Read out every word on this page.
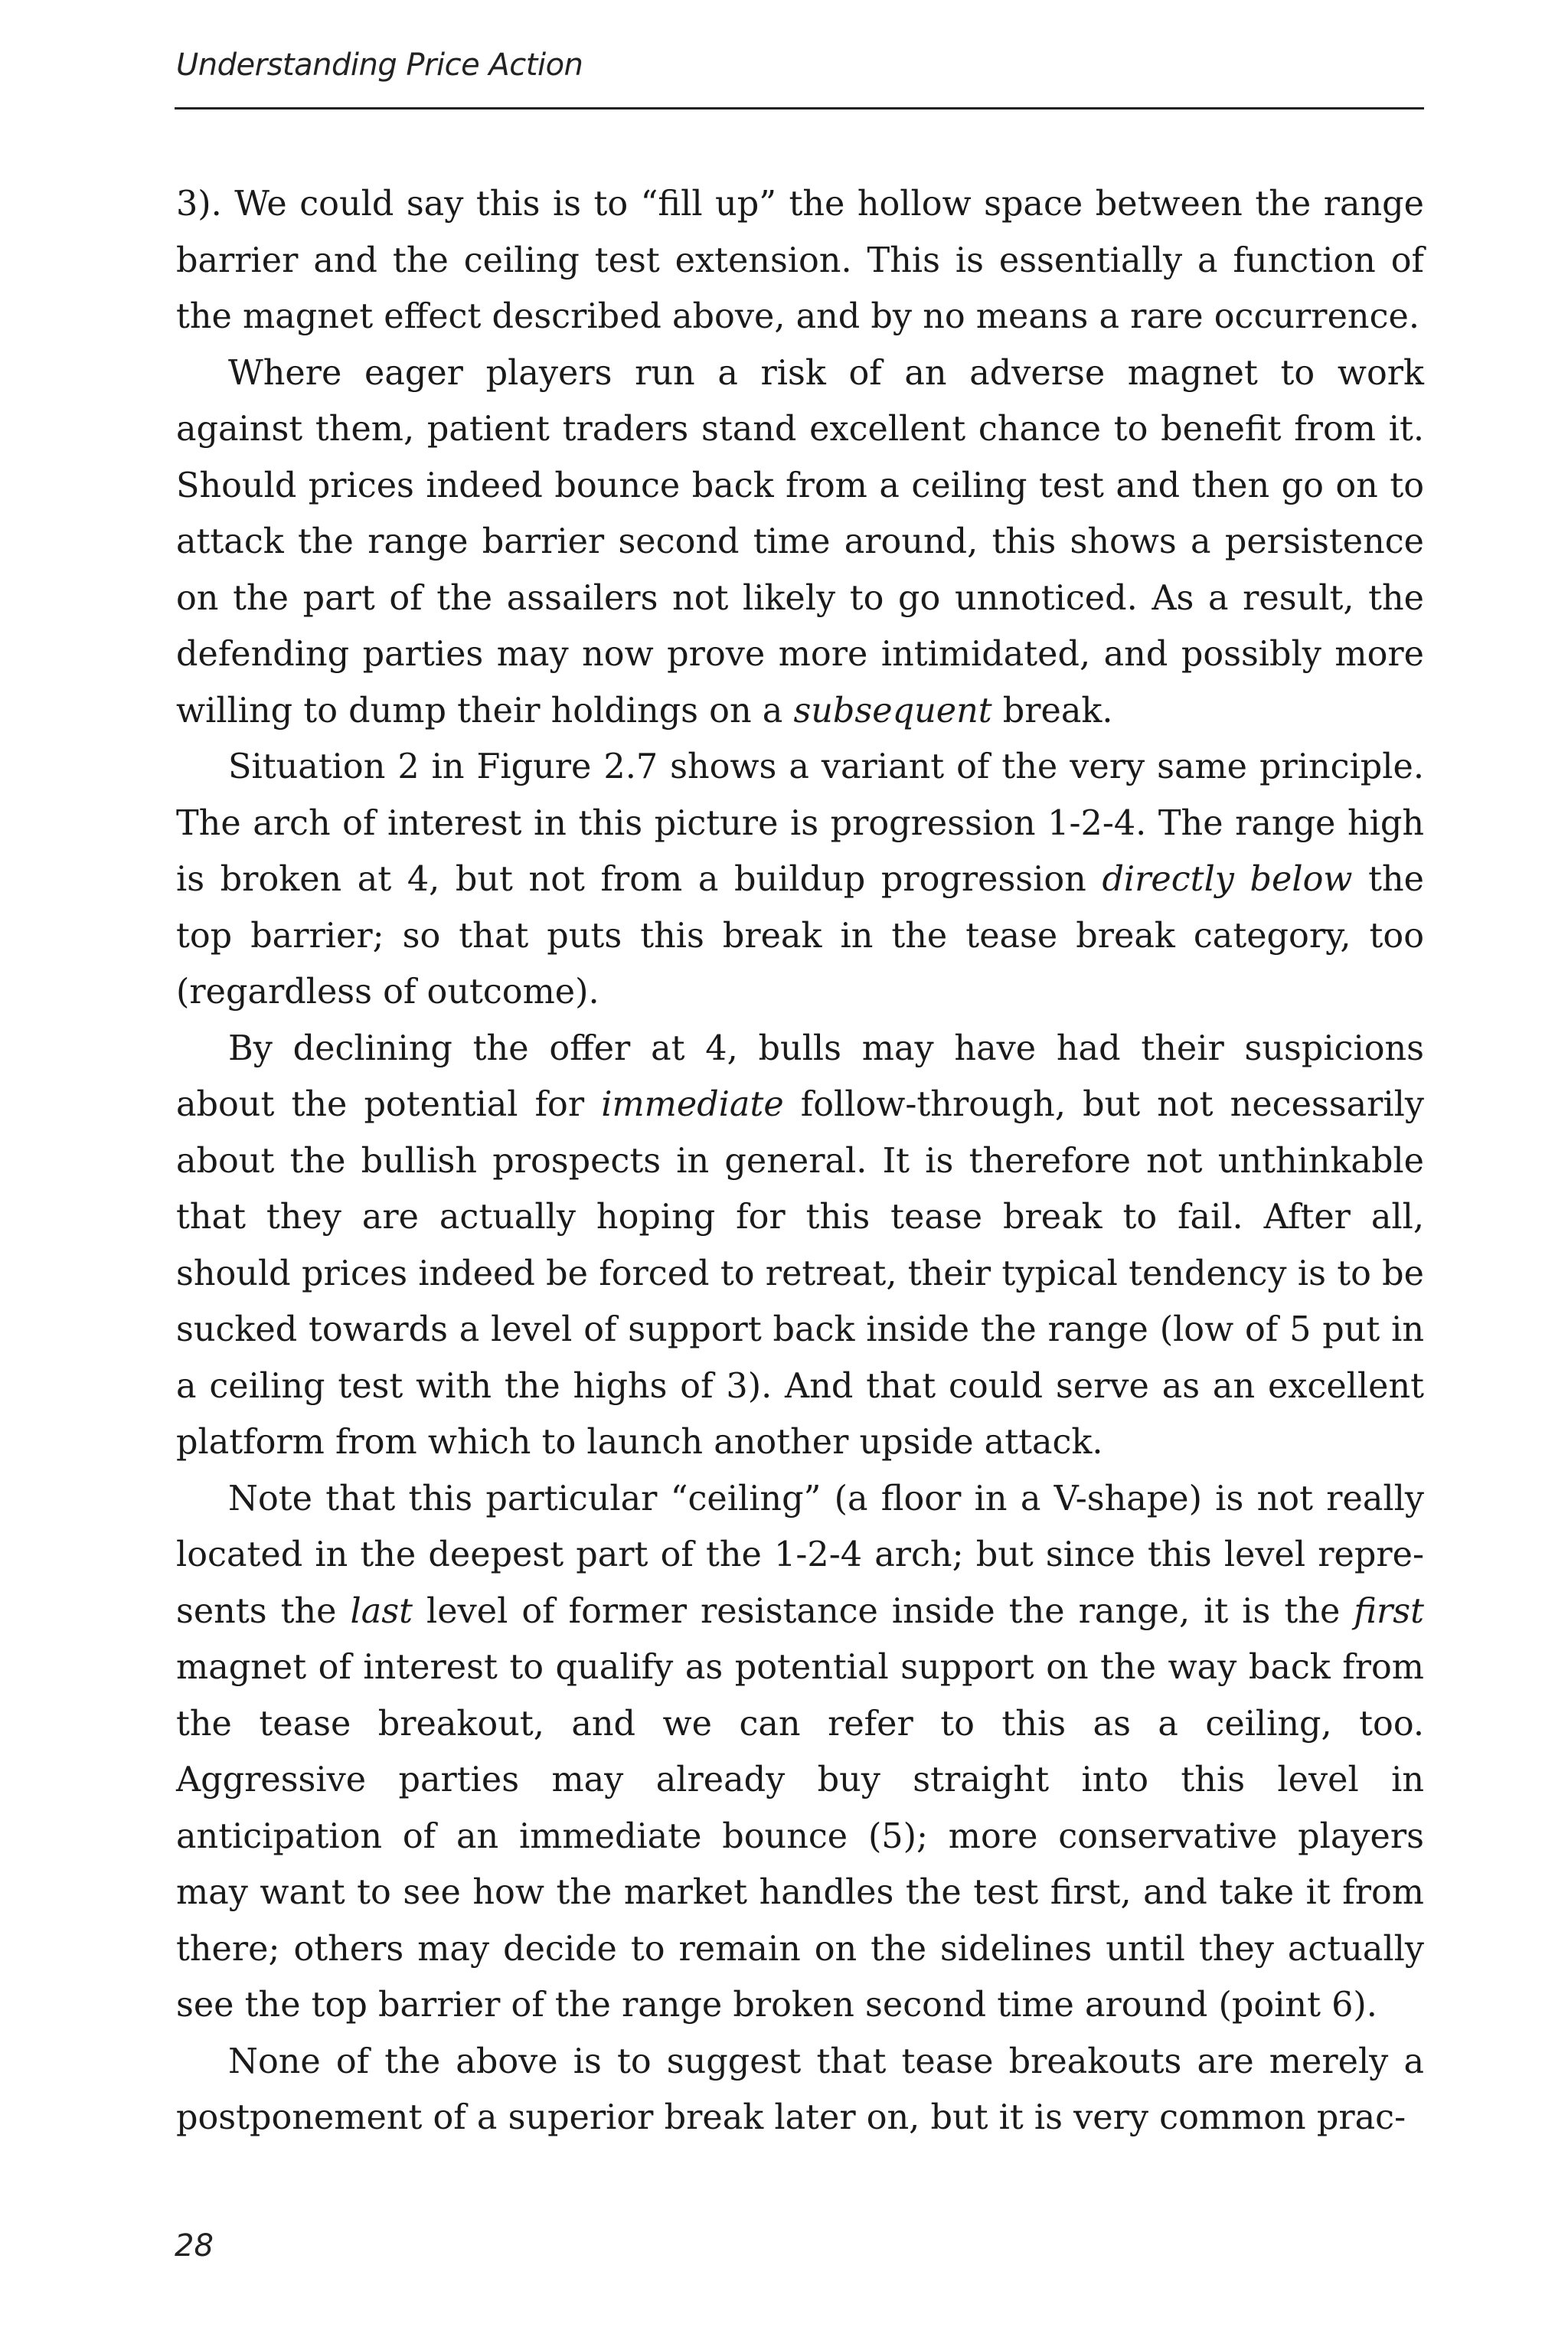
Understanding Price Action

3). We could say this is to “fill up” the hollow space between the range barrier and the ceiling test extension. This is essentially a function of the magnet effect described above, and by no means a rare occurrence.

Where eager players run a risk of an adverse magnet to work against them, patient traders stand excellent chance to benefit from it. Should prices indeed bounce back from a ceiling test and then go on to attack the range barrier second time around, this shows a persistence on the part of the assailers not likely to go unnoticed. As a result, the defending parties may now prove more intimidated, and possibly more willing to dump their holdings on a subsequent break.

Situation 2 in Figure 2.7 shows a variant of the very same principle. The arch of interest in this picture is progression 1-2-4. The range high is broken at 4, but not from a buildup progression directly below the top barrier; so that puts this break in the tease break category, too (regardless of outcome).

By declining the offer at 4, bulls may have had their suspicions about the potential for immediate follow-through, but not necessarily about the bullish prospects in general. It is therefore not unthinkable that they are actually hoping for this tease break to fail. After all, should prices indeed be forced to retreat, their typical tendency is to be sucked towards a level of support back inside the range (low of 5 put in a ceiling test with the highs of 3). And that could serve as an excellent platform from which to launch another upside attack.

Note that this particular “ceiling” (a floor in a V-shape) is not really located in the deepest part of the 1-2-4 arch; but since this level represents the last level of former resistance inside the range, it is the first magnet of interest to qualify as potential support on the way back from the tease breakout, and we can refer to this as a ceiling, too. Aggressive parties may already buy straight into this level in anticipation of an immediate bounce (5); more conservative players may want to see how the market handles the test first, and take it from there; others may decide to remain on the sidelines until they actually see the top barrier of the range broken second time around (point 6).

None of the above is to suggest that tease breakouts are merely a postponement of a superior break later on, but it is very common prac-

28
